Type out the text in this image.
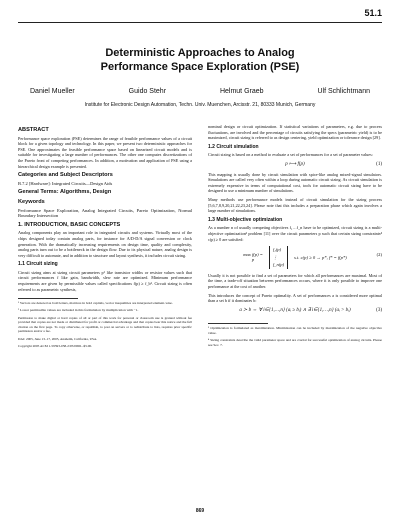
51.1
Deterministic Approaches to Analog
Performance Space Exploration (PSE)
Daniel Mueller	Guido Stehr	Helmut Graeb	Ulf Schlichtmann
Institute for Electronic Design Automation, Techn. Univ. Muenchen, Arcisstr. 21, 80333 Munich, Germany
ABSTRACT

Performance space exploration (PSE) determines the range of feasible performance values of a circuit block for a given topology and technology. In this paper, we present two deterministic approaches for PSE. One approximates the feasible performance space based on linearized circuit models and is suitable for investigating a large number of performances. The other one computes discretizations of the Pareto front of competing performances. In addition, a motivation and application of PSE using a hierarchical design example is presented.

Categories and Subject Descriptors

B.7.2 [Hardware]: Integrated Circuits—Design Aids

General Terms: Algorithms, Design
Keywords

Performance Space Exploration, Analog Integrated Circuits, Pareto Optimization, Normal Boundary Intersection

1. INTRODUCTION, BASIC CONCEPTS

Analog components play an important role in integrated circuits and systems. Virtually most of the chips designed today contain analog parts, for instance for A/D-D/A signal conversion or clock generation. With the dramatically increasing requirements on design time, quality and complexity, analog parts turn out to be a bottleneck in the design flow. Due to its physical nature, analog design is very difficult to automate, and in addition to structure and layout synthesis, it includes circuit sizing.

1.1 Circuit sizing

Circuit sizing aims at sizing circuit parameters p¹ like transistor widths or resistor values such that circuit performances f like gain, bandwidth, slew rate are optimized. Minimum performance requirements are given by permissible values called specifications f(p) ≥ f_b². Circuit sizing is often referred to as parametric synthesis,

¹ Vectors are denoted as bold letters, matrices in bold capitals, vector inequalities are interpreted element-wise.

² Lower permissible values are included in this formulation by multiplication with −1.

Permission to make digital or hard copies of all or part of this work for personal or classroom use is granted without fee provided that copies are not made or distributed for profit or commercial advantage and that copies bear this notice and the full citation on the first page. To copy otherwise, or republish, to post on servers or to redistribute to lists, requires prior specific permission and/or a fee.

DAC 2005, June 13–17, 2005, Anaheim, California, USA.

Copyright 2005 ACM 1-59593-058-2/05/0006...$5.00.

nominal design or circuit optimization. If statistical variations of parameters, e.g. due to process fluctuations, are involved and the percentage of circuits satisfying the specs (parametric yield) is to be maximized, circuit sizing is referred to as design centering, yield optimization or tolerance design [29].

1.2 Circuit simulation

Circuit sizing is based on a method to evaluate a set of performances for a set of parameter values:

p ⟼ f(p)	(1)

This mapping is usually done by circuit simulation with spice-like analog mixed-signal simulators. Simulations are called very often within a loop during automatic circuit sizing. As circuit simulation is extremely expensive in terms of computational cost, tools for automatic circuit sizing have to be designed to use a minimum number of simulations.

Many methods use performance models instead of circuit simulation for the sizing process [5,6,7,8,9,20,21,22,23,24]. Please note that this includes a preparation phase which again involves a large number of simulations.

1.3 Multi-objective optimization

As a number n of usually competing objectives f₁…f_n have to be optimized, circuit sizing is a multi-objective optimization³ problem [11] over the circuit parameters p such that certain sizing constraints⁴ c(p) ≥ 0 are satisfied:

max f(p) =
p
f₁(p)
⋮
f_n(p)
s.t. c(p) ≥ 0 → p*, f* = f(p*)
(2)

Usually it is not possible to find a set of parameters for which all performances are maximal. Most of the time, a trade-off situation between performances occurs, where it is only possible to improve one performance at the cost of another.

This introduces the concept of Pareto optimality. A set of performances a is considered more optimal than a set b if it dominates b:

a ≻ b ⇔ ∀ i∈{1,…,n} (aᵢ ≥ bᵢ) ∧ ∃ i∈{1,…,n} (aᵢ > bᵢ)	(3)

³ Optimization is formulated as maximization. Minimization can be included by maximization of the negative objective value.

⁴ Sizing constraints describe the valid parameter space and are crucial for successful optimization of analog circuits. Please see Sec. 7.

869
